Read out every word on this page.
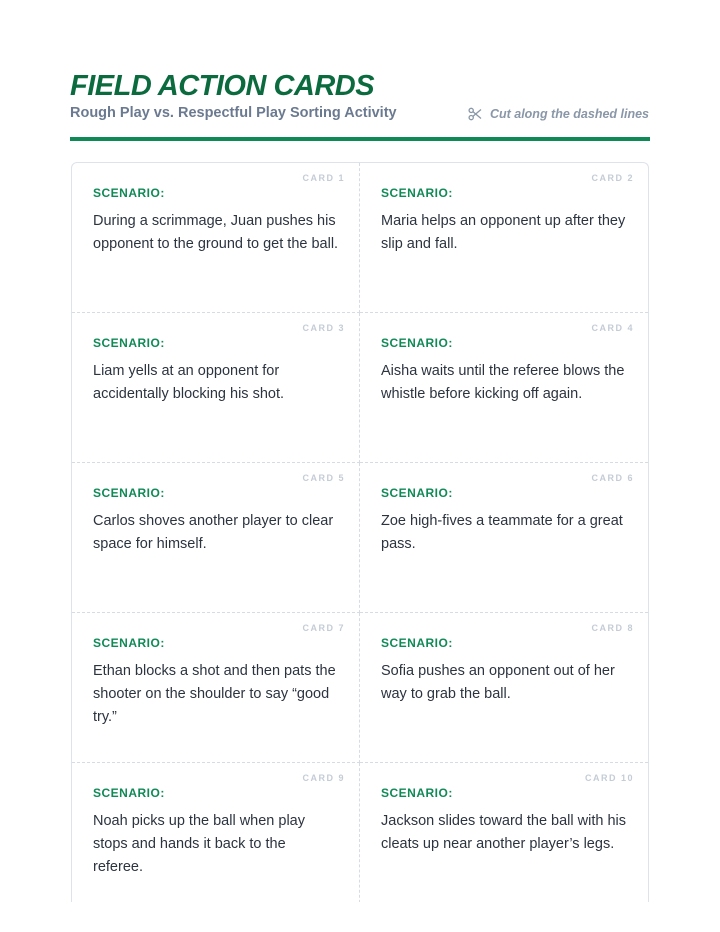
FIELD ACTION CARDS
Rough Play vs. Respectful Play Sorting Activity	Cut along the dashed lines
CARD 1
SCENARIO:
During a scrimmage, Juan pushes his opponent to the ground to get the ball.
CARD 2
SCENARIO:
Maria helps an opponent up after they slip and fall.
CARD 3
SCENARIO:
Liam yells at an opponent for accidentally blocking his shot.
CARD 4
SCENARIO:
Aisha waits until the referee blows the whistle before kicking off again.
CARD 5
SCENARIO:
Carlos shoves another player to clear space for himself.
CARD 6
SCENARIO:
Zoe high-fives a teammate for a great pass.
CARD 7
SCENARIO:
Ethan blocks a shot and then pats the shooter on the shoulder to say “good try.”
CARD 8
SCENARIO:
Sofia pushes an opponent out of her way to grab the ball.
CARD 9
SCENARIO:
Noah picks up the ball when play stops and hands it back to the referee.
CARD 10
SCENARIO:
Jackson slides toward the ball with his cleats up near another player’s legs.
